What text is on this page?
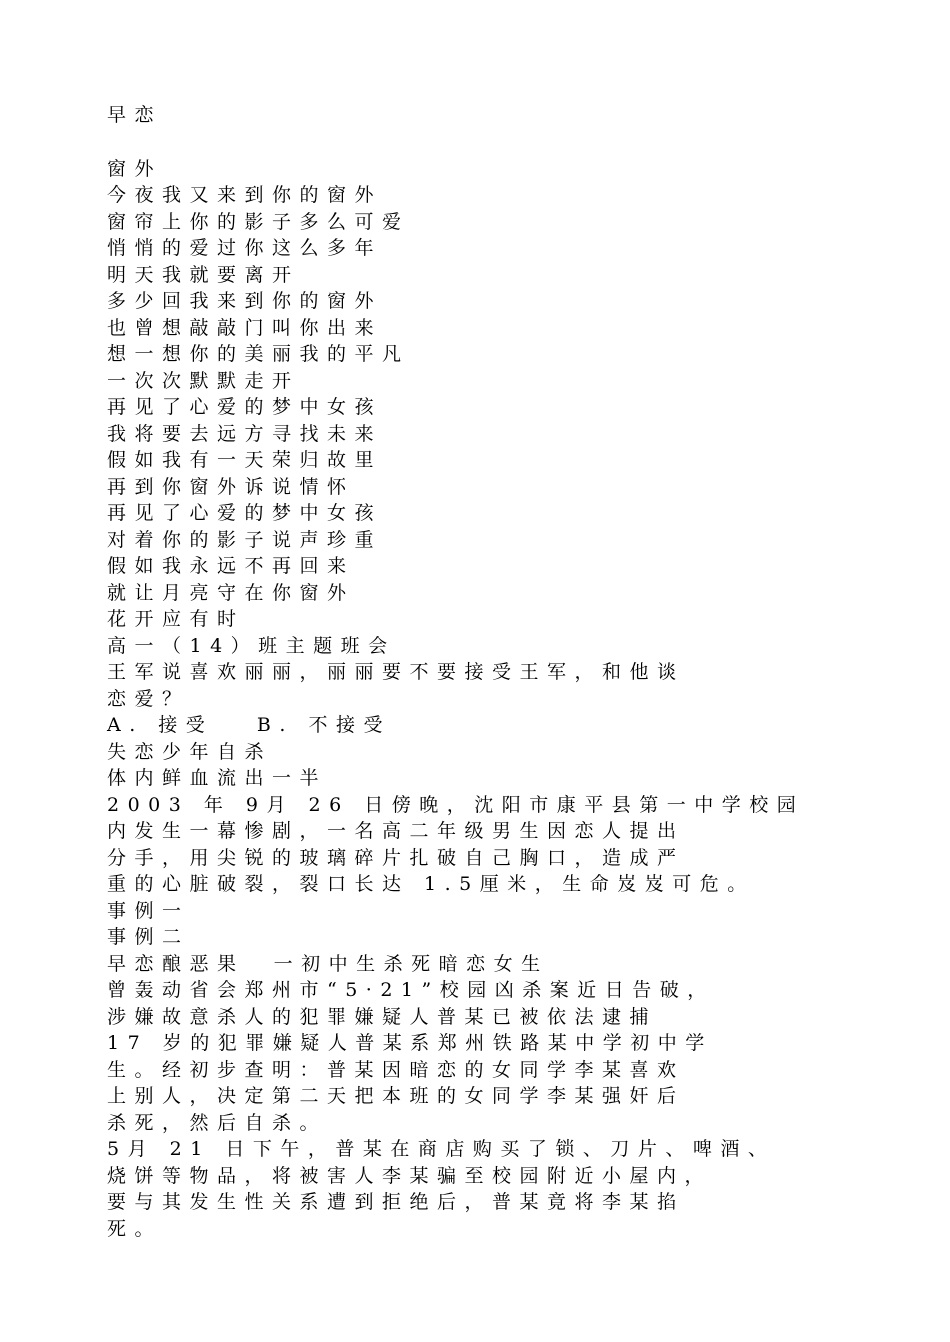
早恋
窗外
今夜我又来到你的窗外
窗帘上你的影子多么可爱
悄悄的爱过你这么多年
明天我就要离开
多少回我来到你的窗外
也曾想敲敲门叫你出来
想一想你的美丽我的平凡
一次次默默走开
再见了心爱的梦中女孩
我将要去远方寻找未来
假如我有一天荣归故里
再到你窗外诉说情怀
再见了心爱的梦中女孩
对着你的影子说声珍重
假如我永远不再回来
就让月亮守在你窗外
花开应有时
高一（14）班主题班会
王军说喜欢丽丽，丽丽要不要接受王军，和他谈
恋爱？
A. 接受   B. 不接受
失恋少年自杀
体内鲜血流出一半
2003 年 9月 26 日傍晚，沈阳市康平县第一中学校园
内发生一幕惨剧，一名高二年级男生因恋人提出
分手，用尖锐的玻璃碎片扎破自己胸口，造成严
重的心脏破裂，裂口长达 1.5厘米，生命岌岌可危。
事例一
事例二
早恋酿恶果  一初中生杀死暗恋女生
曾轰动省会郑州市“5·21”校园凶杀案近日告破，
涉嫌故意杀人的犯罪嫌疑人普某已被依法逮捕
17 岁的犯罪嫌疑人普某系郑州铁路某中学初中学
生。经初步查明：普某因暗恋的女同学李某喜欢
上别人，决定第二天把本班的女同学李某强奸后
杀死，然后自杀。
5月 21 日下午，普某在商店购买了锁、刀片、啤酒、
烧饼等物品，将被害人李某骗至校园附近小屋内，
要与其发生性关系遭到拒绝后，普某竟将李某掐
死。
